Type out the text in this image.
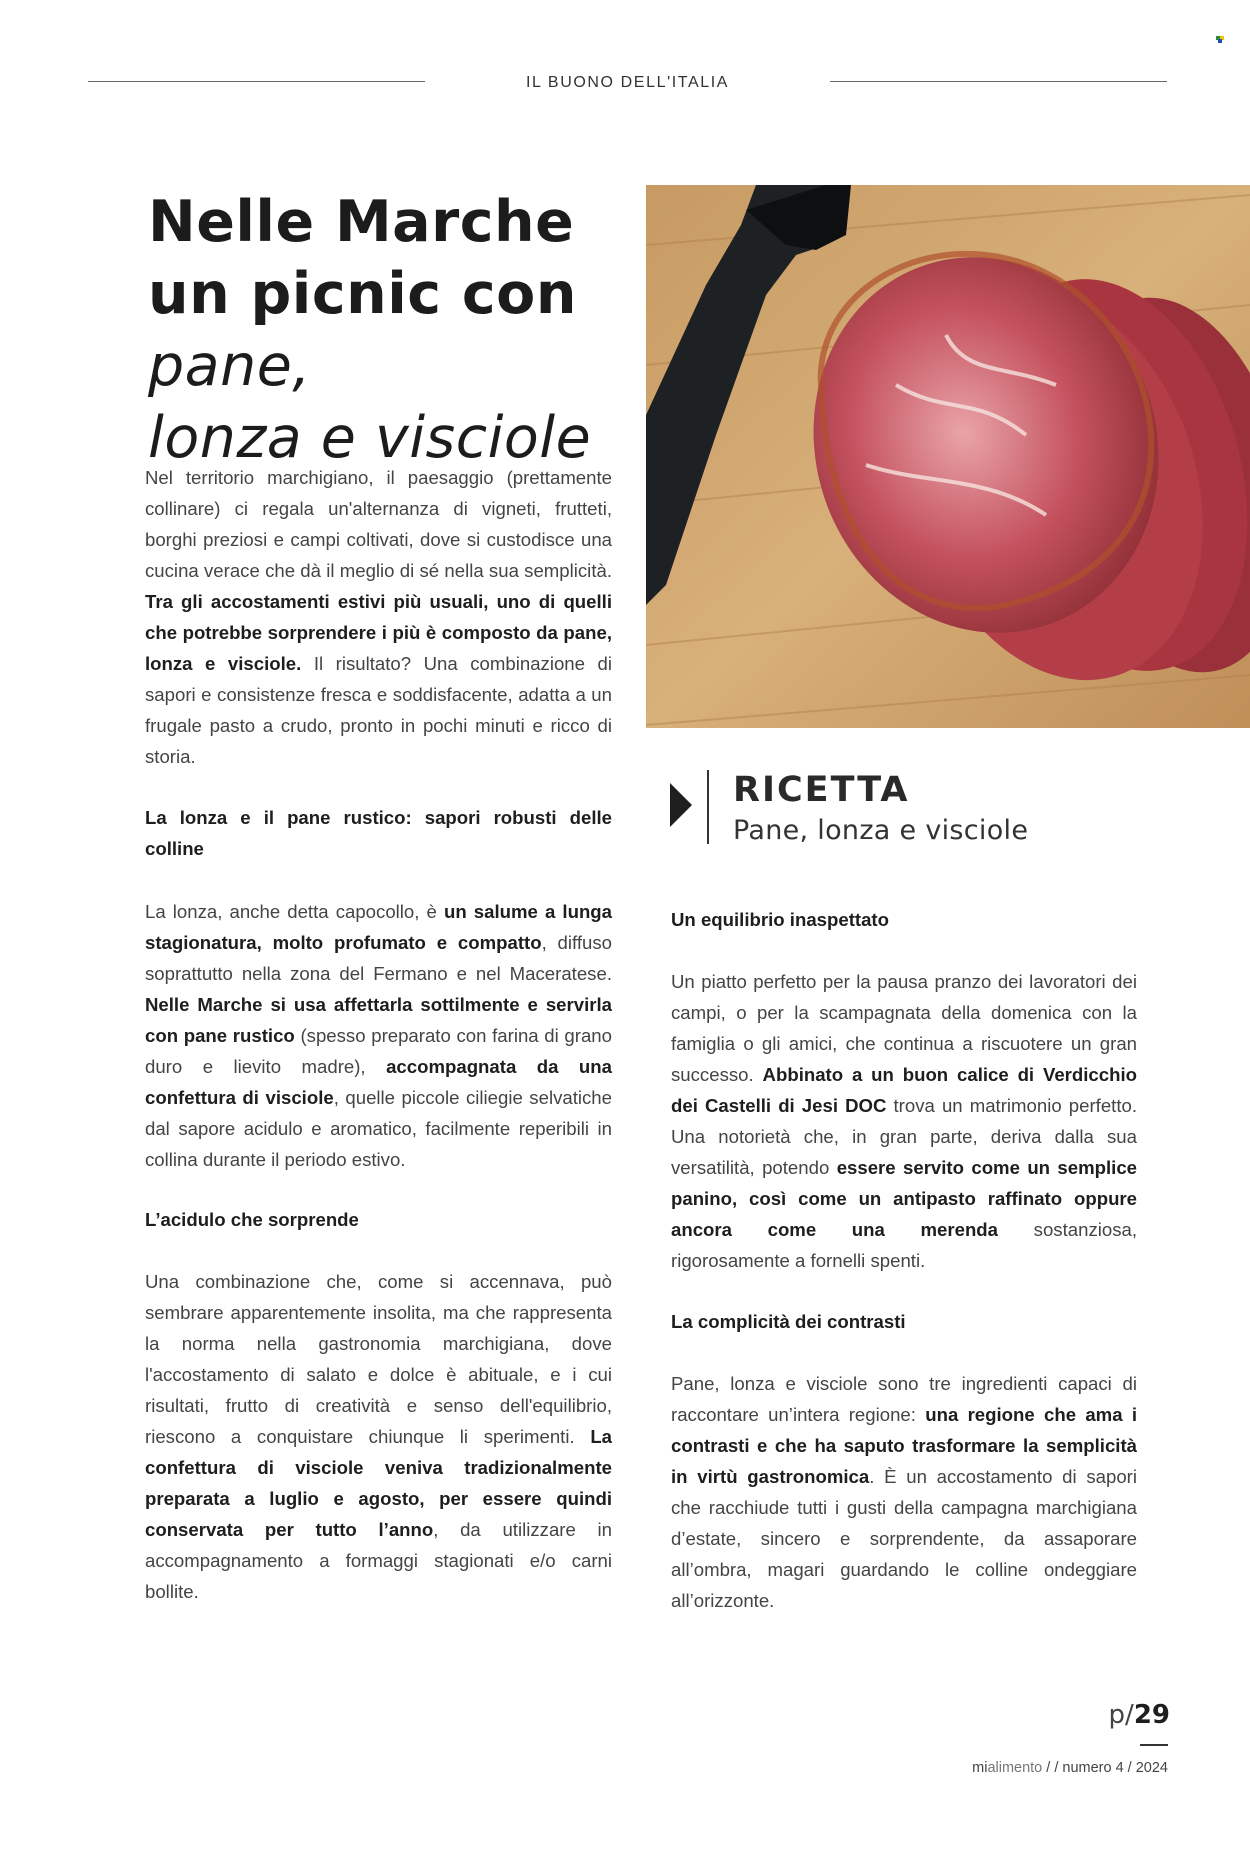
IL BUONO DELL'ITALIA
Nelle Marche un picnic con pane,
lonza e visciole

Nel territorio marchigiano, il paesaggio (prettamente collinare) ci regala un'alternanza di vigneti, frutteti, borghi preziosi e campi coltivati, dove si custodisce una cucina verace che dà il meglio di sé nella sua semplicità. Tra gli accostamenti estivi più usuali, uno di quelli che potrebbe sorprendere i più è composto da pane, lonza e visciole. Il risultato? Una combinazione di sapori e consistenze fresca e soddisfacente, adatta a un frugale pasto a crudo, pronto in pochi minuti e ricco di storia.

La lonza e il pane rustico: sapori robusti delle colline

La lonza, anche detta capocollo, è un salume a lunga stagionatura, molto profumato e compatto, diffuso soprattutto nella zona del Fermano e nel Maceratese. Nelle Marche si usa affettarla sottilmente e servirla con pane rustico (spesso preparato con farina di grano duro e lievito madre), accompagnata da una confettura di visciole, quelle piccole ciliegie selvatiche dal sapore acidulo e aromatico, facilmente reperibili in collina durante il periodo estivo.

L’acidulo che sorprende

Una combinazione che, come si accennava, può sembrare apparentemente insolita, ma che rappresenta la norma nella gastronomia marchigiana, dove l'accostamento di salato e dolce è abituale, e i cui risultati, frutto di creatività e senso dell'equilibrio, riescono a conquistare chiunque li sperimenti. La confettura di visciole veniva tradizionalmente preparata a luglio e agosto, per essere quindi conservata per tutto l’anno, da utilizzare in accompagnamento a formaggi stagionati e/o carni bollite.

RICETTA
Pane, lonza e visciole

Un equilibrio inaspettato

Un piatto perfetto per la pausa pranzo dei lavoratori dei campi, o per la scampagnata della domenica con la famiglia o gli amici, che continua a riscuotere un gran successo. Abbinato a un buon calice di Verdicchio dei Castelli di Jesi DOC trova un matrimonio perfetto. Una notorietà che, in gran parte, deriva dalla sua versatilità, potendo essere servito come un semplice panino, così come un antipasto raffinato oppure ancora come una merenda sostanziosa, rigorosamente a fornelli spenti.

La complicità dei contrasti

Pane, lonza e visciole sono tre ingredienti capaci di raccontare un’intera regione: una regione che ama i contrasti e che ha saputo trasformare la semplicità in virtù gastronomica. È un accostamento di sapori che racchiude tutti i gusti della campagna marchigiana d’estate, sincero e sorprendente, da assaporare all’ombra, magari guardando le colline ondeggiare all’orizzonte.

p/29
mialimento / / numero 4 / 2024
